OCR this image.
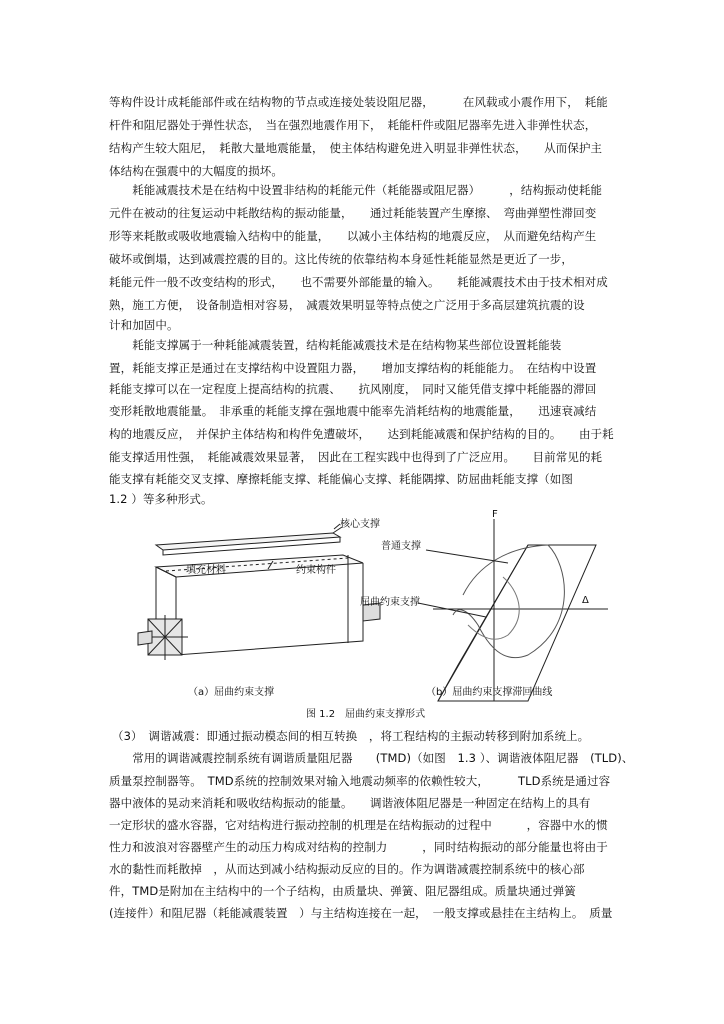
等构件设计成耗能部件或在结构物的节点或连接处装设阻尼器，　　　在风载或小震作用下，　耗能
杆件和阻尼器处于弹性状态，　当在强烈地震作用下，　耗能杆件或阻尼器率先进入非弹性状态，
结构产生较大阻尼，　耗散大量地震能量，　使主体结构避免进入明显非弹性状态，　　从而保护主
体结构在强震中的大幅度的损坏。
　　耗能减震技术是在结构中设置非结构的耗能元件（耗能器或阻尼器）　　　，结构振动使耗能
元件在被动的往复运动中耗散结构的振动能量，　　通过耗能装置产生摩擦、　弯曲弹塑性滞回变
形等来耗散或吸收地震输入结构中的能量，　　以减小主体结构的地震反应，　从而避免结构产生
破坏或倒塌，达到减震控震的目的。这比传统的依靠结构本身延性耗能显然是更近了一步，
耗能元件一般不改变结构的形式，　　也不需要外部能量的输入。　　耗能减震技术由于技术相对成
熟，施工方便，　设备制造相对容易，　减震效果明显等特点使之广泛用于多高层建筑抗震的设
计和加固中。
　　耗能支撑属于一种耗能减震装置，结构耗能减震技术是在结构物某些部位设置耗能装
置，耗能支撑正是通过在支撑结构中设置阻力器，　　增加支撑结构的耗能能力。　在结构中设置
耗能支撑可以在一定程度上提高结构的抗震、　　抗风刚度，　同时又能凭借支撑中耗能器的滞回
变形耗散地震能量。　非承重的耗能支撑在强地震中能率先消耗结构的地震能量，　　迅速衰减结
构的地震反应，　并保护主体结构和构件免遭破坏，　　达到耗能减震和保护结构的目的。　　由于耗
能支撑适用性强，　耗能减震效果显著，　因此在工程实践中也得到了广泛应用。　　目前常见的耗
能支撑有耗能交叉支撑、摩擦耗能支撑、耗能偏心支撑、耗能隅撑、防屈曲耗能支撑（如图
1.2 ）等多种形式。
核心支撑
填充材料	约束构件
F
Δ
普通支撑
屈曲约束支撑
（a）屈曲约束支撑	（b）屈曲约束支撑滞回曲线
图 1.2　屈曲约束支撑形式
（3）　调谐减震：即通过振动模态间的相互转换　，将工程结构的主振动转移到附加系统上。
　　常用的调谐减震控制系统有调谐质量阻尼器　　(TMD)（如图　1.3 ）、调谐液体阻尼器　(TLD)、
质量泵控制器等。　TMD系统的控制效果对输入地震动频率的依赖性较大，　　　TLD系统是通过容
器中液体的晃动来消耗和吸收结构振动的能量。　　调谐液体阻尼器是一种固定在结构上的具有
一定形状的盛水容器，它对结构进行振动控制的机理是在结构振动的过程中　　　，容器中水的惯
性力和波浪对容器壁产生的动压力构成对结构的控制力　　　，同时结构振动的部分能量也将由于
水的黏性而耗散掉　，从而达到减小结构振动反应的目的。作为调谐减震控制系统中的核心部
件，TMD是附加在主结构中的一个子结构，由质量块、弹簧、阻尼器组成。质量块通过弹簧
(连接件）和阻尼器（耗能减震装置　）与主结构连接在一起，　一般支撑或悬挂在主结构上。　质量
